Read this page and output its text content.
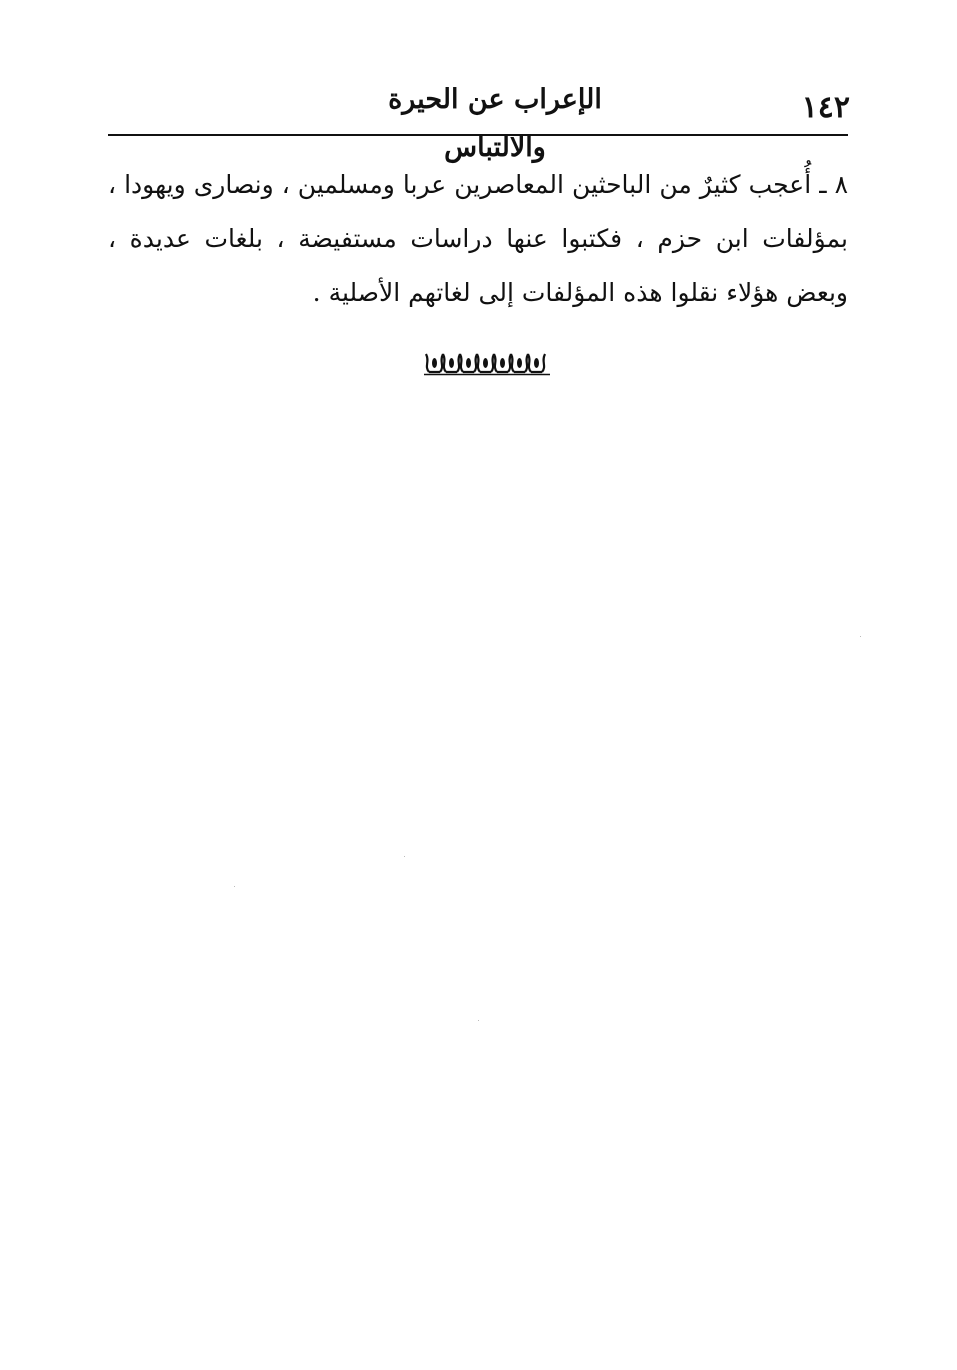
١٤٢
الإعراب عن الحيرة والالتباس

٨ ـ أُعجب كثيرٌ من الباحثين المعاصرين عربا ومسلمين ، ونصارى ويهودا ، بمؤلفات ابن حزم ، فكتبوا عنها دراسات مستفيضة ، بلغات عديدة ، وبعض هؤلاء نقلوا هذه المؤلفات إلى لغاتهم الأصلية .
